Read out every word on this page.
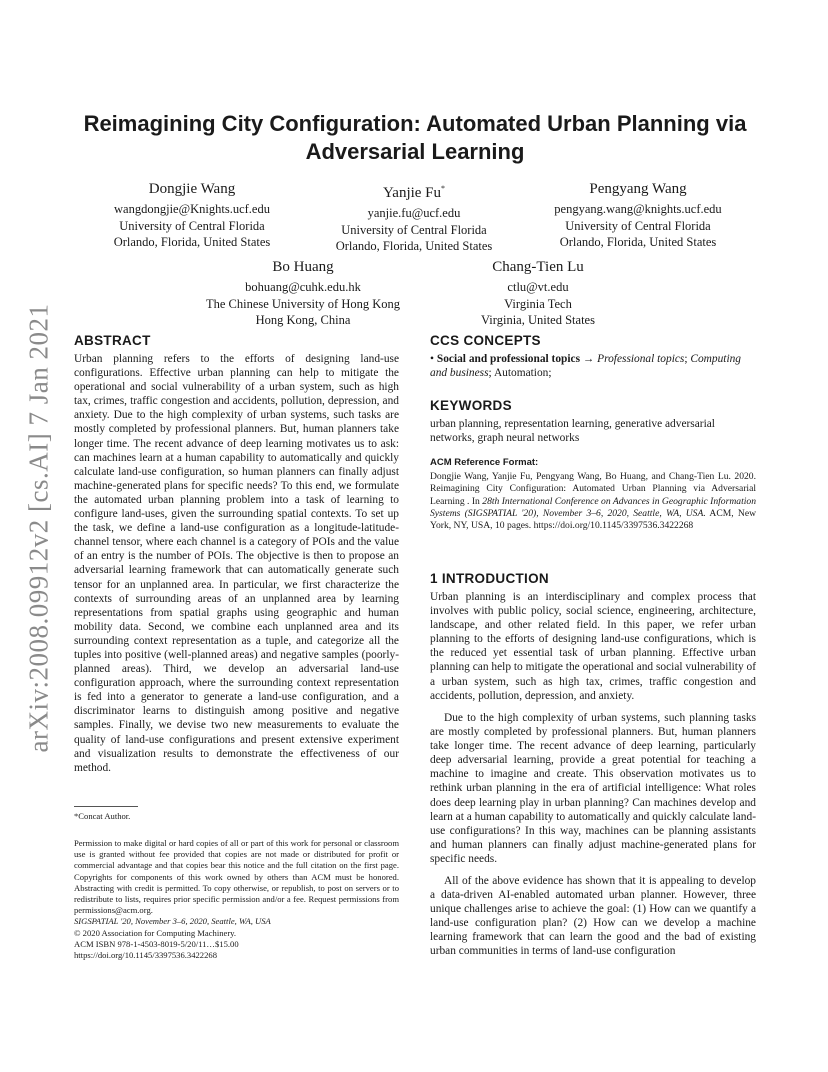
arXiv:2008.09912v2 [cs.AI] 7 Jan 2021
Reimagining City Configuration: Automated Urban Planning via Adversarial Learning
Dongjie Wang
wangdongjie@Knights.ucf.edu
University of Central Florida
Orlando, Florida, United States
Yanjie Fu*
yanjie.fu@ucf.edu
University of Central Florida
Orlando, Florida, United States
Pengyang Wang
pengyang.wang@knights.ucf.edu
University of Central Florida
Orlando, Florida, United States
Bo Huang
bohuang@cuhk.edu.hk
The Chinese University of Hong Kong
Hong Kong, China
Chang-Tien Lu
ctlu@vt.edu
Virginia Tech
Virginia, United States
ABSTRACT
Urban planning refers to the efforts of designing land-use configurations. Effective urban planning can help to mitigate the operational and social vulnerability of a urban system, such as high tax, crimes, traffic congestion and accidents, pollution, depression, and anxiety. Due to the high complexity of urban systems, such tasks are mostly completed by professional planners. But, human planners take longer time. The recent advance of deep learning motivates us to ask: can machines learn at a human capability to automatically and quickly calculate land-use configuration, so human planners can finally adjust machine-generated plans for specific needs? To this end, we formulate the automated urban planning problem into a task of learning to configure land-uses, given the surrounding spatial contexts. To set up the task, we define a land-use configuration as a longitude-latitude-channel tensor, where each channel is a category of POIs and the value of an entry is the number of POIs. The objective is then to propose an adversarial learning framework that can automatically generate such tensor for an unplanned area. In particular, we first characterize the contexts of surrounding areas of an unplanned area by learning representations from spatial graphs using geographic and human mobility data. Second, we combine each unplanned area and its surrounding context representation as a tuple, and categorize all the tuples into positive (well-planned areas) and negative samples (poorly-planned areas). Third, we develop an adversarial land-use configuration approach, where the surrounding context representation is fed into a generator to generate a land-use configuration, and a discriminator learns to distinguish among positive and negative samples. Finally, we devise two new measurements to evaluate the quality of land-use configurations and present extensive experiment and visualization results to demonstrate the effectiveness of our method.
*Concat Author.
Permission to make digital or hard copies of all or part of this work for personal or classroom use is granted without fee provided that copies are not made or distributed for profit or commercial advantage and that copies bear this notice and the full citation on the first page. Copyrights for components of this work owned by others than ACM must be honored. Abstracting with credit is permitted. To copy otherwise, or republish, to post on servers or to redistribute to lists, requires prior specific permission and/or a fee. Request permissions from permissions@acm.org.
SIGSPATIAL '20, November 3–6, 2020, Seattle, WA, USA
© 2020 Association for Computing Machinery.
ACM ISBN 978-1-4503-8019-5/20/11…$15.00
https://doi.org/10.1145/3397536.3422268
CCS CONCEPTS
• Social and professional topics → Professional topics; Computing and business; Automation;
KEYWORDS
urban planning, representation learning, generative adversarial networks, graph neural networks
ACM Reference Format:
Dongjie Wang, Yanjie Fu, Pengyang Wang, Bo Huang, and Chang-Tien Lu. 2020. Reimagining City Configuration: Automated Urban Planning via Adversarial Learning . In 28th International Conference on Advances in Geographic Information Systems (SIGSPATIAL '20), November 3–6, 2020, Seattle, WA, USA. ACM, New York, NY, USA, 10 pages. https://doi.org/10.1145/3397536.3422268
1 INTRODUCTION
Urban planning is an interdisciplinary and complex process that involves with public policy, social science, engineering, architecture, landscape, and other related field. In this paper, we refer urban planning to the efforts of designing land-use configurations, which is the reduced yet essential task of urban planning. Effective urban planning can help to mitigate the operational and social vulnerability of a urban system, such as high tax, crimes, traffic congestion and accidents, pollution, depression, and anxiety.
Due to the high complexity of urban systems, such planning tasks are mostly completed by professional planners. But, human planners take longer time. The recent advance of deep learning, particularly deep adversarial learning, provide a great potential for teaching a machine to imagine and create. This observation motivates us to rethink urban planning in the era of artificial intelligence: What roles does deep learning play in urban planning? Can machines develop and learn at a human capability to automatically and quickly calculate land-use configurations? In this way, machines can be planning assistants and human planners can finally adjust machine-generated plans for specific needs.
All of the above evidence has shown that it is appealing to develop a data-driven AI-enabled automated urban planner. However, three unique challenges arise to achieve the goal: (1) How can we quantify a land-use configuration plan? (2) How can we develop a machine learning framework that can learn the good and the bad of existing urban communities in terms of land-use configuration
